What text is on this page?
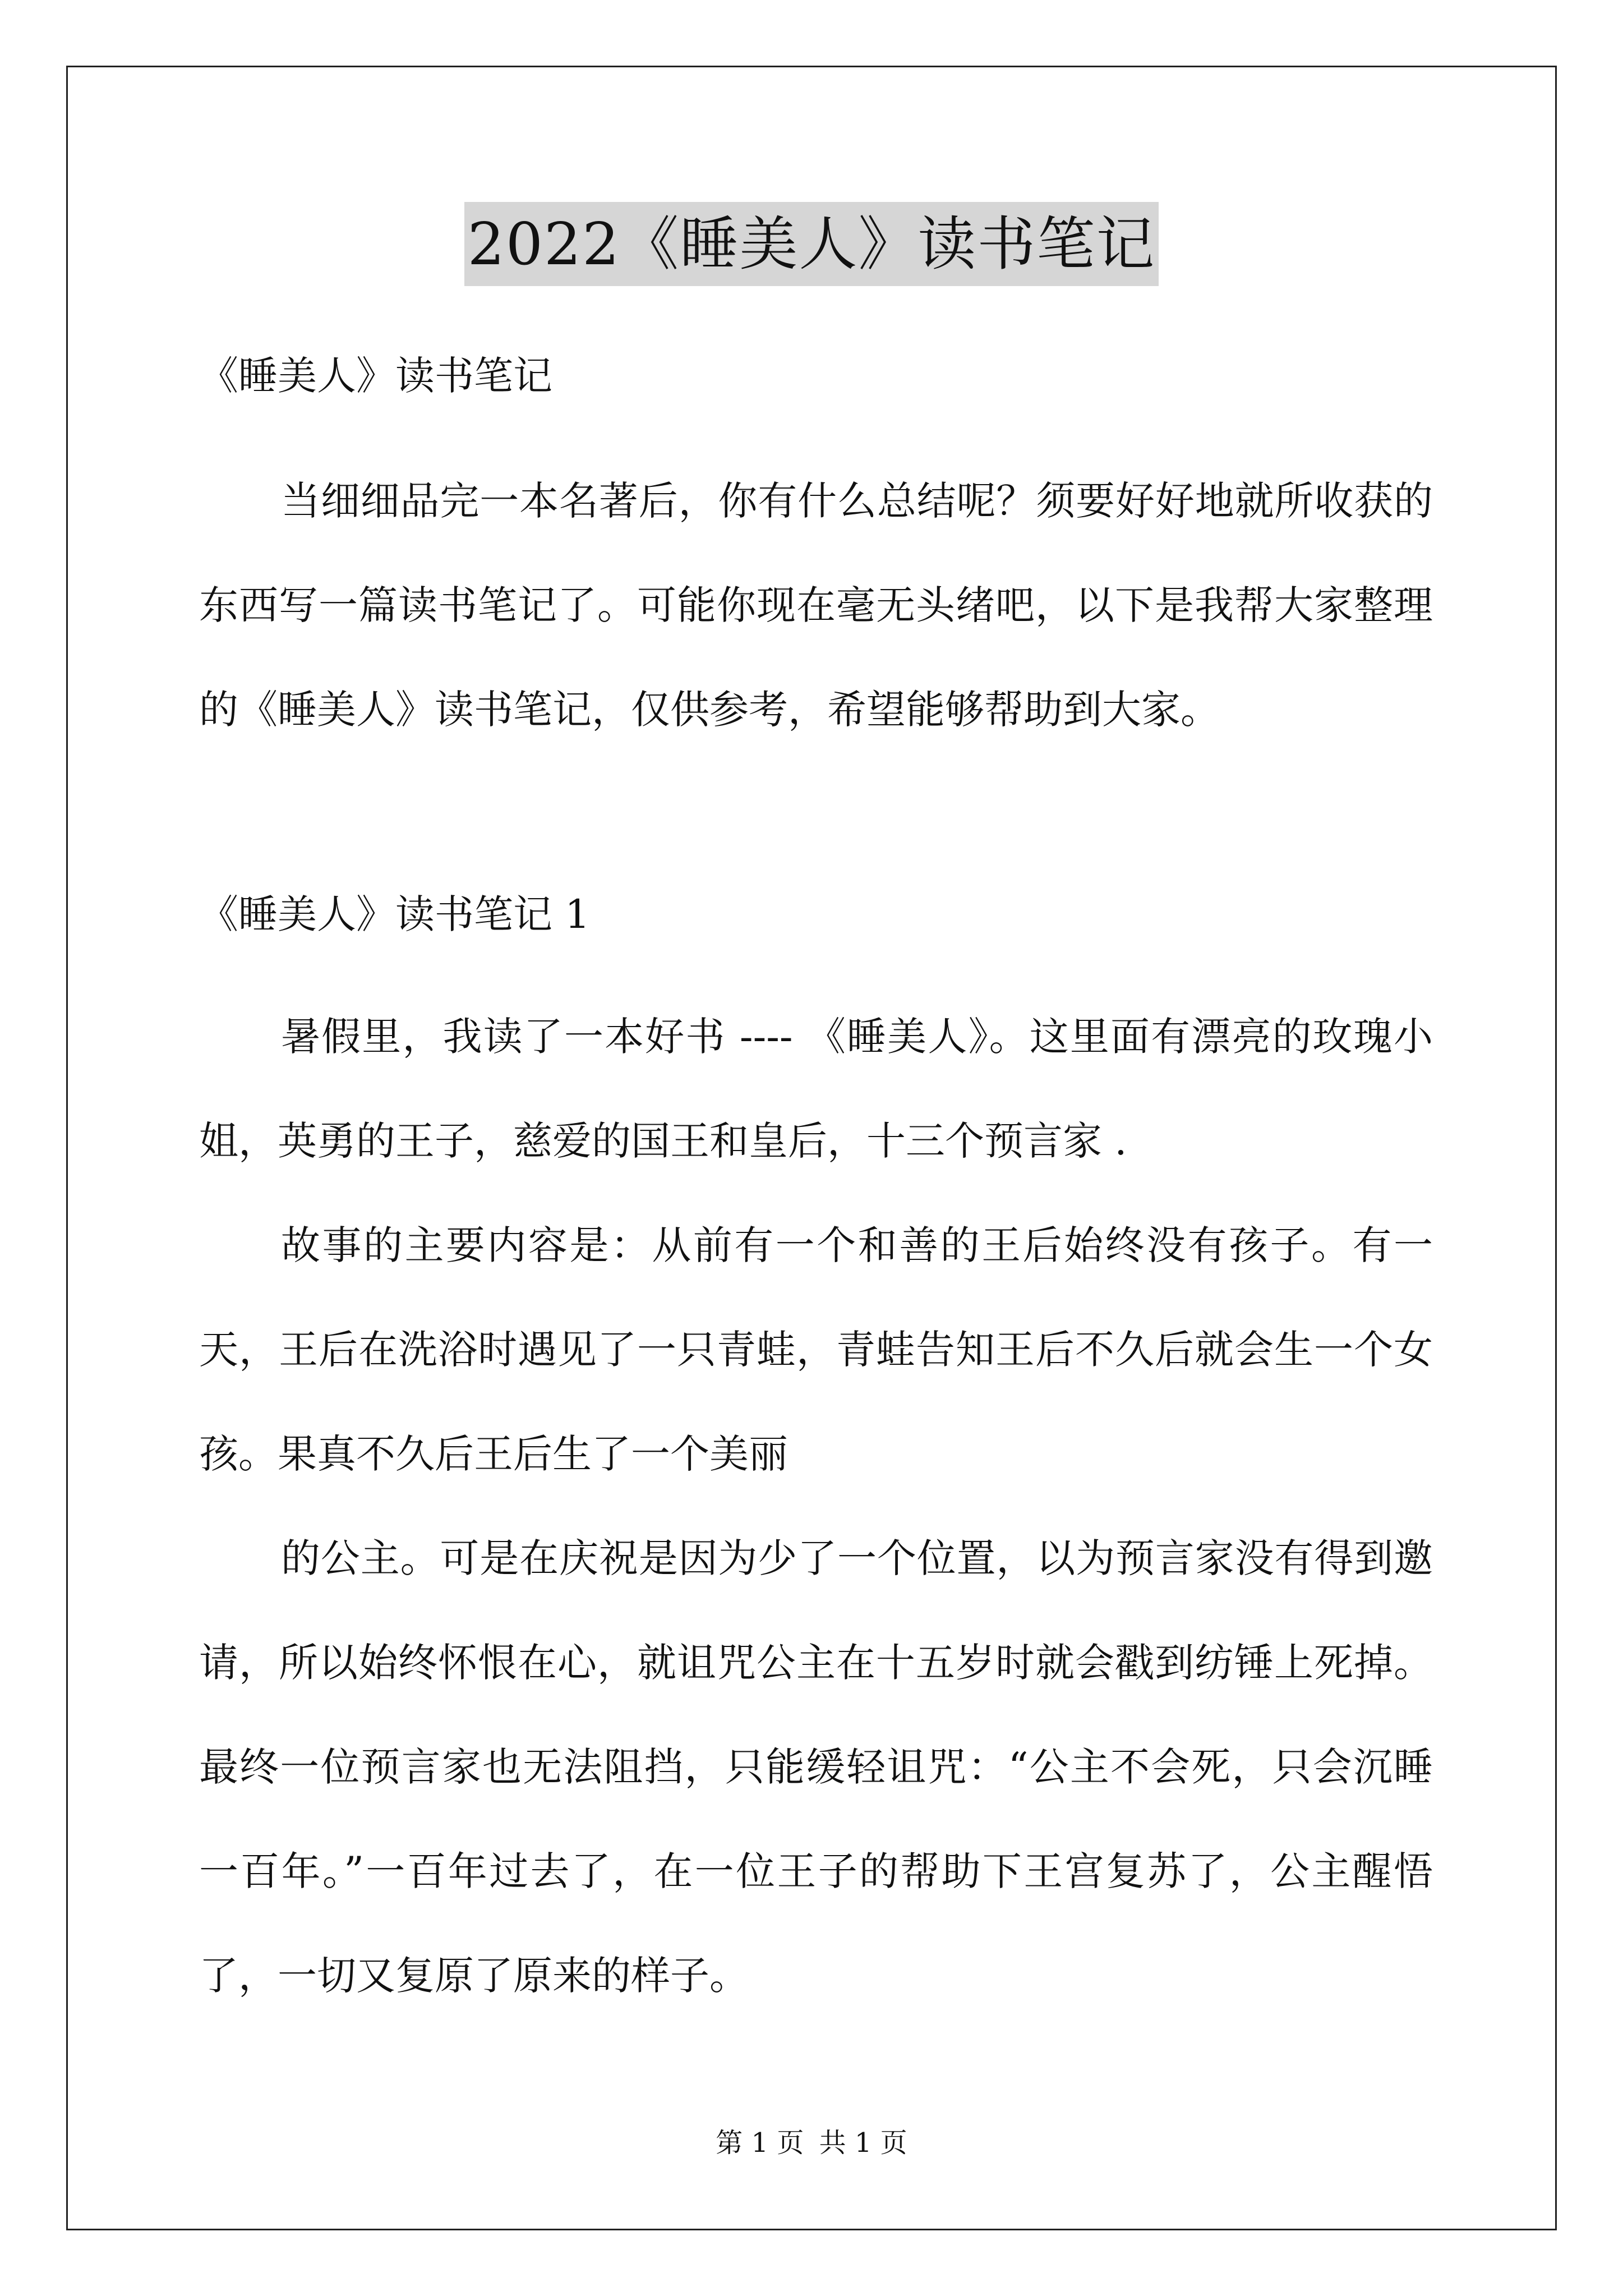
2022《睡美人》读书笔记
《睡美人》读书笔记

当细细品完一本名著后，你有什么总结呢？须要好好地就所收获的东西写一篇读书笔记了。可能你现在毫无头绪吧，以下是我帮大家整理的《睡美人》读书笔记，仅供参考，希望能够帮助到大家。

《睡美人》读书笔记 1

暑假里，我读了一本好书 ---- 《睡美人》。这里面有漂亮的玫瑰小姐，英勇的王子，慈爱的国王和皇后，十三个预言家 .

故事的主要内容是：从前有一个和善的王后始终没有孩子。有一天，王后在洗浴时遇见了一只青蛙，青蛙告知王后不久后就会生一个女孩。果真不久后王后生了一个美丽

的公主。可是在庆祝是因为少了一个位置，以为预言家没有得到邀请，所以始终怀恨在心，就诅咒公主在十五岁时就会戳到纺锤上死掉。最终一位预言家也无法阻挡，只能缓轻诅咒：“公主不会死，只会沉睡一百年。”一百年过去了，在一位王子的帮助下王宫复苏了，公主醒悟了，一切又复原了原来的样子。

第 1 页 共 1 页
